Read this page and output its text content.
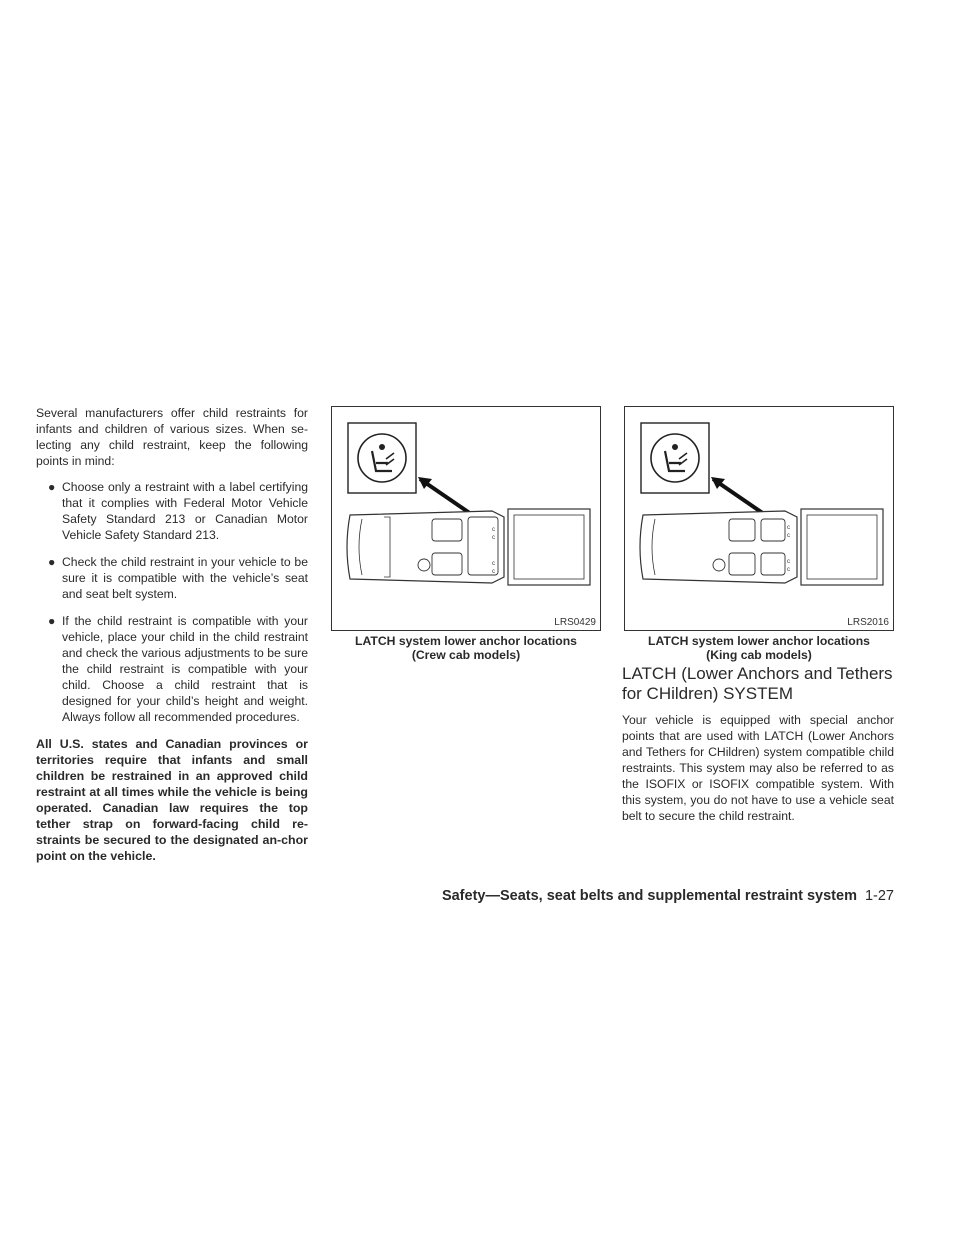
Several manufacturers offer child restraints for infants and children of various sizes. When se-lecting any child restraint, keep the following points in mind:

● Choose only a restraint with a label certifying that it complies with Federal Motor Vehicle Safety Standard 213 or Canadian Motor Vehicle Safety Standard 213.
● Check the child restraint in your vehicle to be sure it is compatible with the vehicle’s seat and seat belt system.
● If the child restraint is compatible with your vehicle, place your child in the child restraint and check the various adjustments to be sure the child restraint is compatible with your child. Choose a child restraint that is designed for your child’s height and weight. Always follow all recommended procedures.

All U.S. states and Canadian provinces or territories require that infants and small children be restrained in an approved child restraint at all times while the vehicle is being operated. Canadian law requires the top tether strap on forward-facing child re-straints be secured to the designated an-chor point on the vehicle.

c
c
c
c
LRS0429
LATCH system lower anchor locations
(Crew cab models)
c
c
c
c
LRS2016
LATCH system lower anchor locations
(King cab models)
LATCH (Lower Anchors and Tethers for CHildren) SYSTEM

Your vehicle is equipped with special anchor points that are used with LATCH (Lower Anchors and Tethers for CHildren) system compatible child restraints. This system may also be referred to as the ISOFIX or ISOFIX compatible system. With this system, you do not have to use a vehicle seat belt to secure the child restraint.

Safety—Seats, seat belts and supplemental restraint system 1-27
